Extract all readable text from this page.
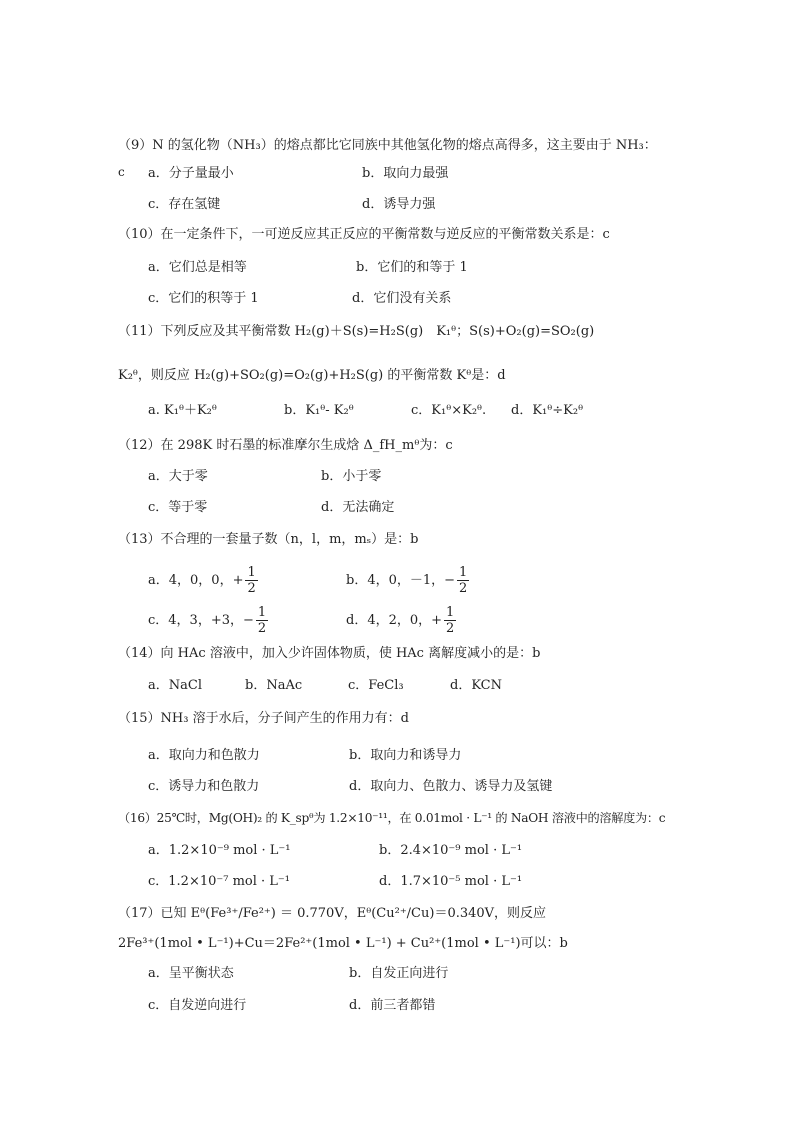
（9）N 的氢化物（NH₃）的熔点都比它同族中其他氢化物的熔点高得多，这主要由于 NH₃：
c a．分子量最小	b．取向力最强
c．存在氢键	d．诱导力强
（10）在一定条件下，一可逆反应其正反应的平衡常数与逆反应的平衡常数关系是：c
a．它们总是相等	b．它们的和等于 1
c．它们的积等于 1	d．它们没有关系
（11）下列反应及其平衡常数 H₂(g)＋S(s)=H₂S(g)　K₁ᶿ；S(s)+O₂(g)=SO₂(g)
K₂ᶿ，则反应 H₂(g)+SO₂(g)=O₂(g)+H₂S(g) 的平衡常数 Kᶿ是：d
a. K₁ᶿ＋K₂ᶿ	b．K₁ᶿ- K₂ᶿ	c．K₁ᶿ×K₂ᶿ. d．K₁ᶿ÷K₂ᶿ
（12）在 298K 时石墨的标准摩尔生成焓 Δ_fH_mᶿ为：c
a．大于零	b．小于零
c．等于零	d．无法确定
（13）不合理的一套量子数（n，l，m，mₛ）是：b
a．4，0，0，+ $\frac{1}{2}$	b．4，0，－1，− $\frac{1}{2}$
c．4，3，+3，− $\frac{1}{2}$	d．4，2，0，+ $\frac{1}{2}$
（14）向 HAc 溶液中，加入少许固体物质，使 HAc 离解度减小的是：b
a．NaCl	b．NaAc	c．FeCl₃	d．KCN
（15）NH₃ 溶于水后，分子间产生的作用力有：d
a．取向力和色散力	b．取向力和诱导力
c．诱导力和色散力	d．取向力、色散力、诱导力及氢键
（16）25℃时，Mg(OH)₂ 的 K_spᶿ为 1.2×10⁻¹¹，在 0.01mol · L⁻¹ 的 NaOH 溶液中的溶解度为：c
a．1.2×10⁻⁹ mol · L⁻¹	b．2.4×10⁻⁹ mol · L⁻¹
c．1.2×10⁻⁷ mol · L⁻¹	d．1.7×10⁻⁵ mol · L⁻¹
（17）已知 Eᶿ(Fe³⁺/Fe²⁺) ＝ 0.770V，Eᶿ(Cu²⁺/Cu)＝0.340V，则反应
2Fe³⁺(1mol • L⁻¹)+Cu＝2Fe²⁺(1mol • L⁻¹) + Cu²⁺(1mol • L⁻¹)可以：b
a．呈平衡状态	b．自发正向进行
c．自发逆向进行	d．前三者都错
